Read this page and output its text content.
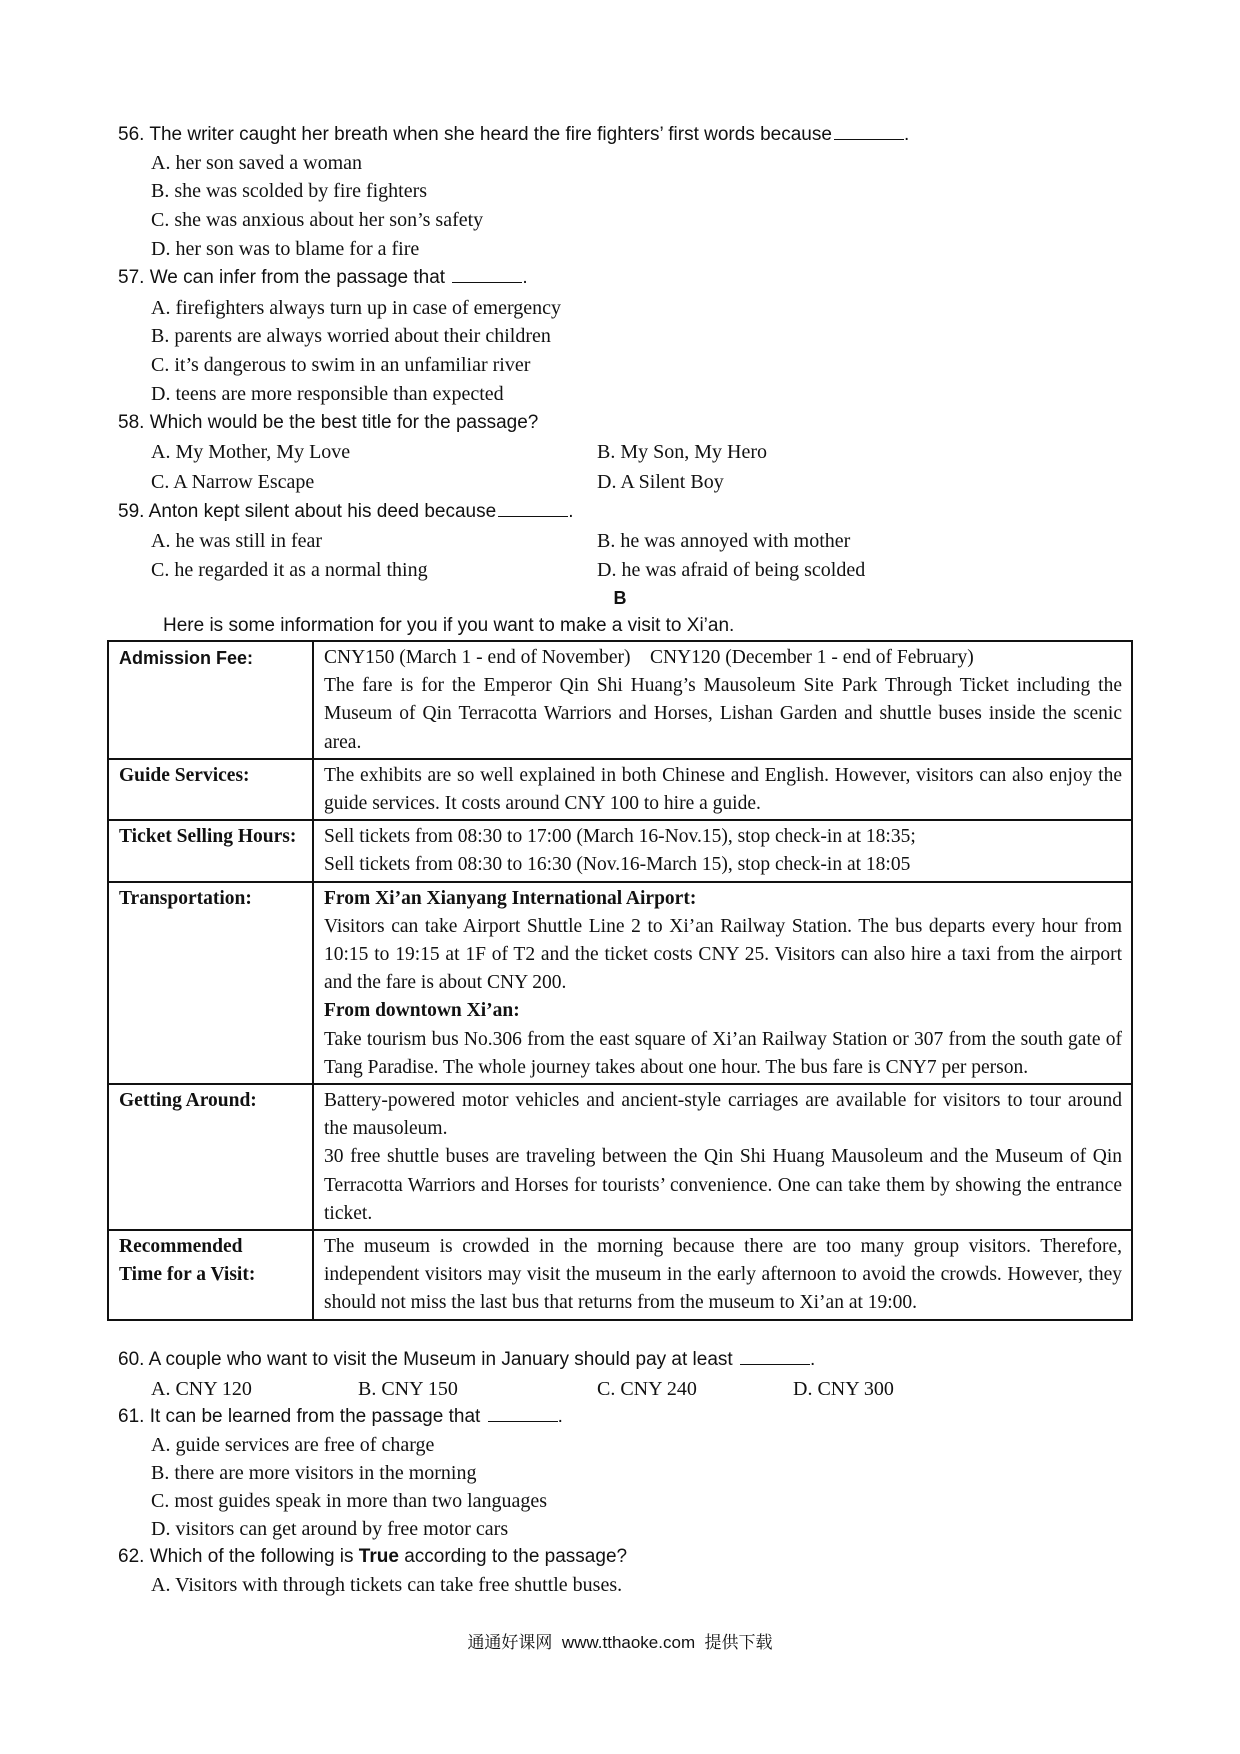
56. The writer caught her breath when she heard the fire fighters’ first words because	.
A. her son saved a woman
B. she was scolded by fire fighters
C. she was anxious about her son’s safety
D. her son was to blame for a fire
57. We can infer from the passage that	.
A. firefighters always turn up in case of emergency
B. parents are always worried about their children
C. it’s dangerous to swim in an unfamiliar river
D. teens are more responsible than expected
58. Which would be the best title for the passage?
A. My Mother, My Love	B. My Son, My Hero
C. A Narrow Escape	D. A Silent Boy
59. Anton kept silent about his deed because	.
A. he was still in fear	B. he was annoyed with mother
C. he regarded it as a normal thing	D. he was afraid of being scolded
B
Here is some information for you if you want to make a visit to Xi’an.
Admission Fee:	CNY150 (March 1 - end of November)    CNY120 (December 1 - end of February)
The fare is for the Emperor Qin Shi Huang’s Mausoleum Site Park Through Ticket including the Museum of Qin Terracotta Warriors and Horses, Lishan Garden and shuttle buses inside the scenic area.

Guide Services:	The exhibits are so well explained in both Chinese and English. However, visitors can also enjoy the guide services. It costs around CNY 100 to hire a guide.

Ticket Selling Hours:	Sell tickets from 08:30 to 17:00 (March 16-Nov.15), stop check-in at 18:35;
Sell tickets from 08:30 to 16:30 (Nov.16-March 15), stop check-in at 18:05

Transportation:	From Xi’an Xianyang International Airport:
Visitors can take Airport Shuttle Line 2 to Xi’an Railway Station. The bus departs every hour from 10:15 to 19:15 at 1F of T2 and the ticket costs CNY 25. Visitors can also hire a taxi from the airport and the fare is about CNY 200.
From downtown Xi’an:
Take tourism bus No.306 from the east square of Xi’an Railway Station or 307 from the south gate of Tang Paradise. The whole journey takes about one hour. The bus fare is CNY7 per person.

Getting Around:	Battery-powered motor vehicles and ancient-style carriages are available for visitors to tour around the mausoleum.
30 free shuttle buses are traveling between the Qin Shi Huang Mausoleum and the Museum of Qin Terracotta Warriors and Horses for tourists’ convenience. One can take them by showing the entrance ticket.

Recommended
Time for a Visit:	The museum is crowded in the morning because there are too many group visitors. Therefore, independent visitors may visit the museum in the early afternoon to avoid the crowds. However, they should not miss the last bus that returns from the museum to Xi’an at 19:00.
60. A couple who want to visit the Museum in January should pay at least	.
A. CNY 120	B. CNY 150	C. CNY 240	D. CNY 300
61. It can be learned from the passage that	.
A. guide services are free of charge
B. there are more visitors in the morning
C. most guides speak in more than two languages
D. visitors can get around by free motor cars
62. Which of the following is True according to the passage?
A. Visitors with through tickets can take free shuttle buses.
通通好课网  www.tthaoke.com  提供下载
